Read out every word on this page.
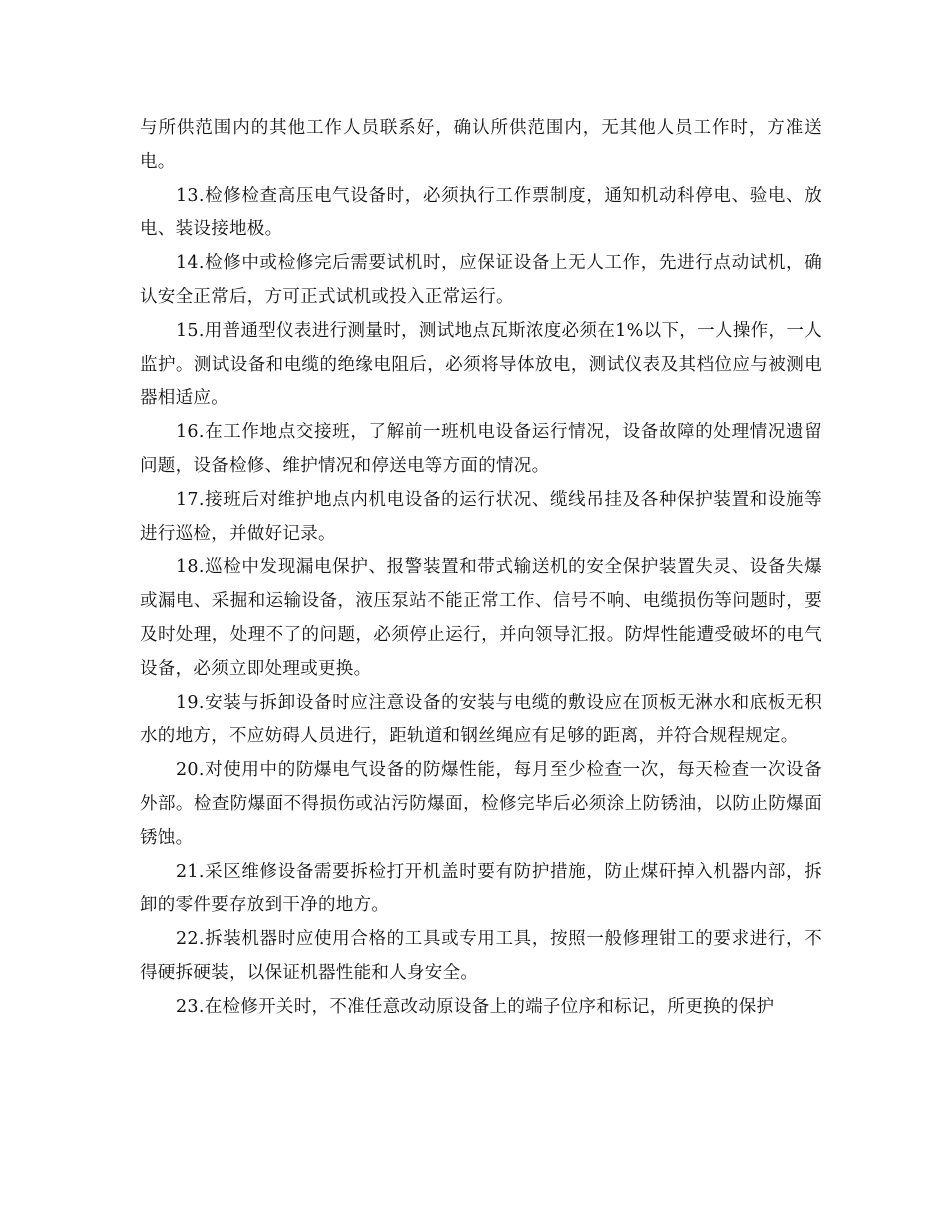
与所供范围内的其他工作人员联系好，确认所供范围内，无其他人员工作时，方准送电。

13.检修检查高压电气设备时，必须执行工作票制度，通知机动科停电、验电、放电、装设接地极。

14.检修中或检修完后需要试机时，应保证设备上无人工作，先进行点动试机，确认安全正常后，方可正式试机或投入正常运行。

15.用普通型仪表进行测量时，测试地点瓦斯浓度必须在1%以下，一人操作，一人监护。测试设备和电缆的绝缘电阻后，必须将导体放电，测试仪表及其档位应与被测电器相适应。

16.在工作地点交接班，了解前一班机电设备运行情况，设备故障的处理情况遗留问题，设备检修、维护情况和停送电等方面的情况。

17.接班后对维护地点内机电设备的运行状况、缆线吊挂及各种保护装置和设施等进行巡检，并做好记录。

18.巡检中发现漏电保护、报警装置和带式输送机的安全保护装置失灵、设备失爆或漏电、采掘和运输设备，液压泵站不能正常工作、信号不响、电缆损伤等问题时，要及时处理，处理不了的问题，必须停止运行，并向领导汇报。防焊性能遭受破坏的电气设备，必须立即处理或更换。

19.安装与拆卸设备时应注意设备的安装与电缆的敷设应在顶板无淋水和底板无积水的地方，不应妨碍人员进行，距轨道和钢丝绳应有足够的距离，并符合规程规定。

20.对使用中的防爆电气设备的防爆性能，每月至少检查一次，每天检查一次设备外部。检查防爆面不得损伤或沾污防爆面，检修完毕后必须涂上防锈油，以防止防爆面锈蚀。

21.采区维修设备需要拆检打开机盖时要有防护措施，防止煤矸掉入机器内部，拆卸的零件要存放到干净的地方。

22.拆装机器时应使用合格的工具或专用工具，按照一般修理钳工的要求进行，不得硬拆硬装，以保证机器性能和人身安全。

23.在检修开关时，不准任意改动原设备上的端子位序和标记，所更换的保护
